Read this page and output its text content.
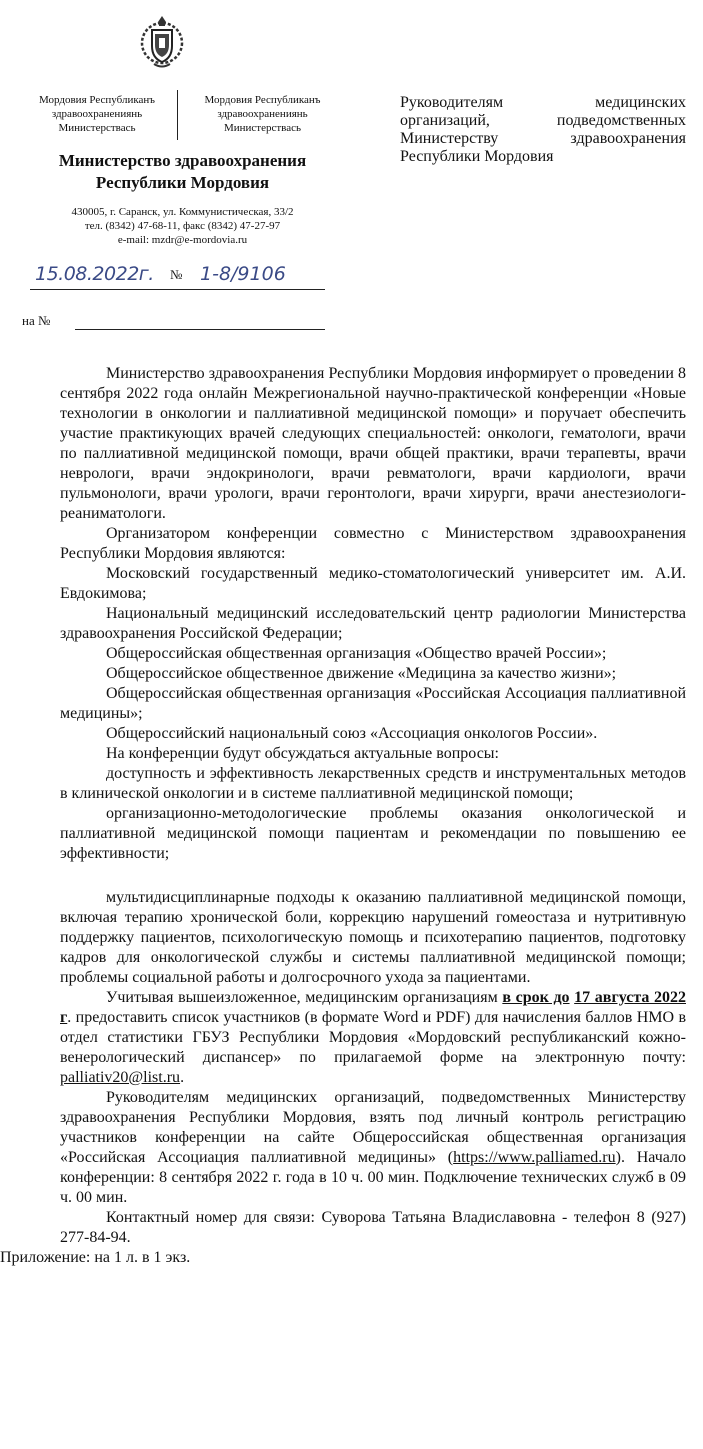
Мордовия Республиканъ
здравоохранениянь
Министерствась
Мордовия Республиканъ
здравоохранениянь
Министерствась
Министерство здравоохранения
Республики Мордовия
430005, г. Саранск, ул. Коммунистическая, 33/2
тел. (8342) 47-68-11, факс (8342) 47-27-97
e-mail: mzdr@e-mordovia.ru
Руководителям медицинских
организаций, подведомственных
Министерству здравоохранения
Республики Мордовия
15.08.2022г. № 1-8/9106
на №
Министерство здравоохранения Республики Мордовия информирует о проведении 8 сентября 2022 года онлайн Межрегиональной научно-практической конференции «Новые технологии в онкологии и паллиативной медицинской помощи» и поручает обеспечить участие практикующих врачей следующих специальностей: онкологи, гематологи, врачи по паллиативной медицинской помощи, врачи общей практики, врачи терапевты, врачи неврологи, врачи эндокринологи, врачи ревматологи, врачи кардиологи, врачи пульмонологи, врачи урологи, врачи геронтологи, врачи хирурги, врачи анестезиологи-реаниматологи.
Организатором конференции совместно с Министерством здравоохранения Республики Мордовия являются:
Московский государственный медико-стоматологический университет им. А.И. Евдокимова;
Национальный медицинский исследовательский центр радиологии Министерства здравоохранения Российской Федерации;
Общероссийская общественная организация «Общество врачей России»;
Общероссийское общественное движение «Медицина за качество жизни»;
Общероссийская общественная организация «Российская Ассоциация паллиативной медицины»;
Общероссийский национальный союз «Ассоциация онкологов России».
На конференции будут обсуждаться актуальные вопросы:
доступность и эффективность лекарственных средств и инструментальных методов в клинической онкологии и в системе паллиативной медицинской помощи;
организационно-методологические проблемы оказания онкологической и паллиативной медицинской помощи пациентам и рекомендации по повышению ее эффективности;
мультидисциплинарные подходы к оказанию паллиативной медицинской помощи, включая терапию хронической боли, коррекцию нарушений гомеостаза и нутритивную поддержку пациентов, психологическую помощь и психотерапию пациентов, подготовку кадров для онкологической службы и системы паллиативной медицинской помощи; проблемы социальной работы и долгосрочного ухода за пациентами.
Учитывая вышеизложенное, медицинским организациям в срок до 17 августа 2022 г. предоставить список участников (в формате Word и PDF) для начисления баллов НМО в отдел статистики ГБУЗ Республики Мордовия «Мордовский республиканский кожно-венерологический диспансер» по прилагаемой форме на электронную почту: palliativ20@list.ru.
Руководителям медицинских организаций, подведомственных Министерству здравоохранения Республики Мордовия, взять под личный контроль регистрацию участников конференции на сайте Общероссийская общественная организация «Российская Ассоциация паллиативной медицины» (https://www.palliamed.ru). Начало конференции: 8 сентября 2022 г. года в 10 ч. 00 мин. Подключение технических служб в 09 ч. 00 мин.
Контактный номер для связи: Суворова Татьяна Владиславовна - телефон 8 (927) 277-84-94.
Приложение: на 1 л. в 1 экз.
